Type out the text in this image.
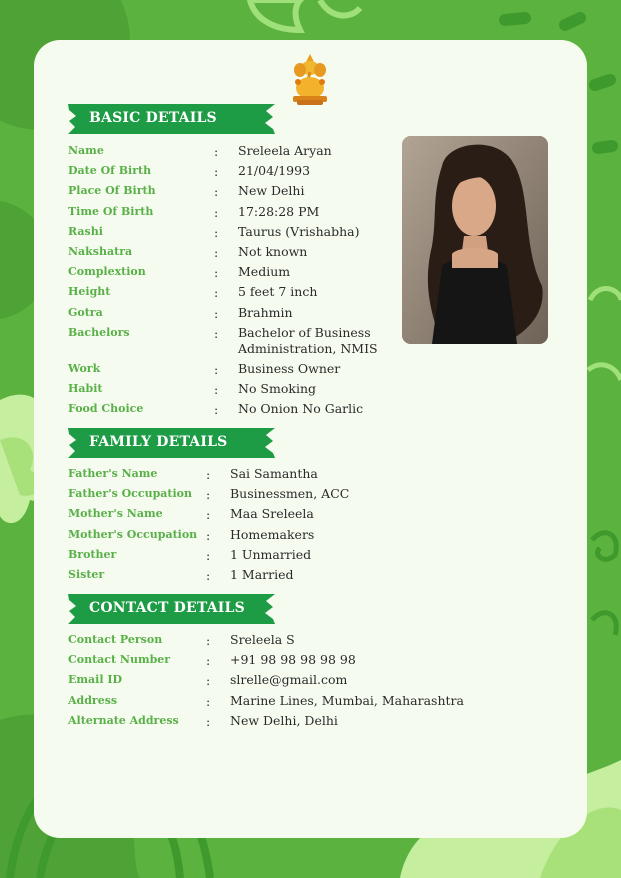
BASIC DETAILS
Name	: Sreleela Aryan
Date Of Birth	: 21/04/1993
Place Of Birth	: New Delhi
Time Of Birth	: 17:28:28 PM
Rashi	: Taurus (Vrishabha)
Nakshatra	: Not known
Complextion	: Medium
Height	: 5 feet 7 inch
Gotra	: Brahmin
Bachelors	: Bachelor of Business Administration, NMIS
Work	: Business Owner
Habit	: No Smoking
Food Choice	: No Onion No Garlic
FAMILY DETAILS
Father's Name	: Sai Samantha
Father's Occupation : Businessmen, ACC
Mother's Name	: Maa Sreleela
Mother's Occupation : Homemakers
Brother	: 1 Unmarried
Sister	: 1 Married
CONTACT DETAILS
Contact Person	: Sreleela S
Contact Number	: +91 98 98 98 98 98
Email ID	: slrelle@gmail.com
Address	: Marine Lines, Mumbai, Maharashtra
Alternate Address : New Delhi, Delhi
